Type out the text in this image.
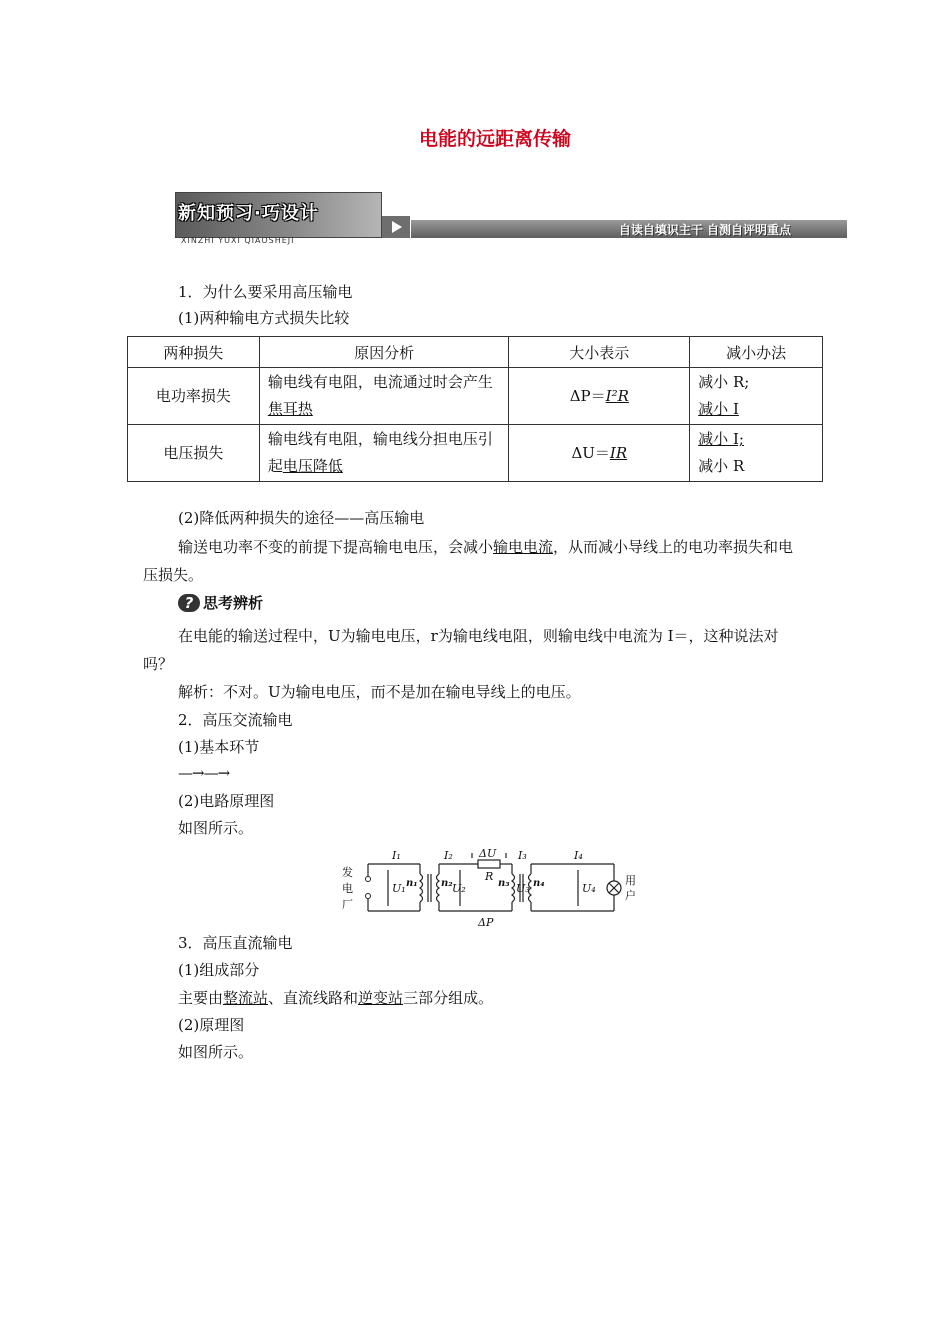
电能的远距离传输
新知预习·巧设计
XINZHI YUXI QIAOSHEJI
自读自填识主干 自测自评明重点
1．为什么要采用高压输电
(1)两种输电方式损失比较
两种损失	原因分析	大小表示	减小办法
电功率损失	输电线有电阻，电流通过时会产生焦耳热	ΔP＝I²R	减小 R;
减小 I

电压损失	输电线有电阻，输电线分担电压引起电压降低	ΔU＝IR	减小 I;
减小 R
(2)降低两种损失的途径——高压输电
输送电功率不变的前提下提高输电电压，会减小输电电流，从而减小导线上的电功率损失和电压损失。
? 思考辨析
在电能的输送过程中，U为输电电压，r为输电线电阻，则输电线中电流为 I＝，这种说法对吗？
解析：不对。U为输电电压，而不是加在输电导线上的电压。
2．高压交流输电
(1)基本环节
—→—→
(2)电路原理图
如图所示。
发
电
厂
用
户
I₁	I₂	I₃	I₄
U₁	U₂	U₃	U₄
n₁ n₂	n₃ n₄
ΔU
R
ΔP
3．高压直流输电
(1)组成部分
主要由整流站、直流线路和逆变站三部分组成。
(2)原理图
如图所示。
